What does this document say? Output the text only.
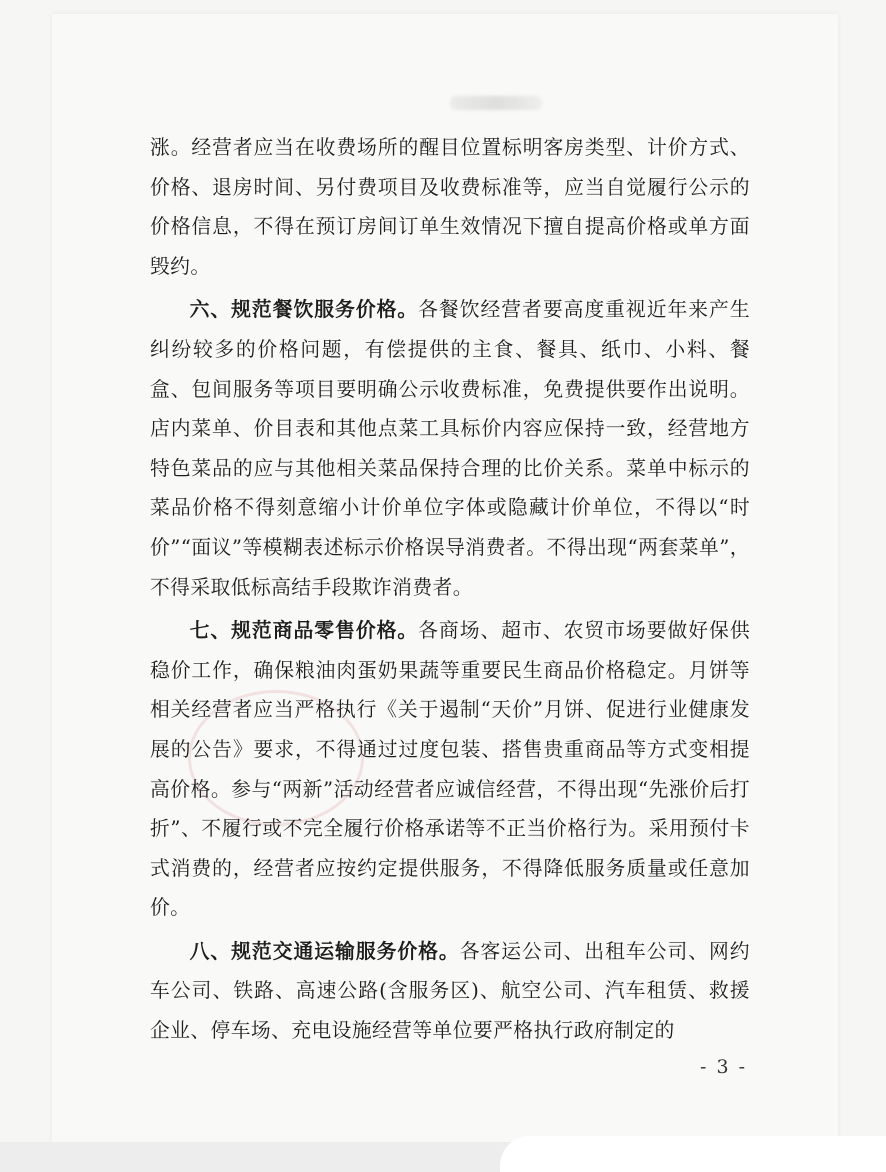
涨。经营者应当在收费场所的醒目位置标明客房类型、计价方式、价格、退房时间、另付费项目及收费标准等，应当自觉履行公示的价格信息，不得在预订房间订单生效情况下擅自提高价格或单方面毁约。

六、规范餐饮服务价格。各餐饮经营者要高度重视近年来产生纠纷较多的价格问题，有偿提供的主食、餐具、纸巾、小料、餐盒、包间服务等项目要明确公示收费标准，免费提供要作出说明。店内菜单、价目表和其他点菜工具标价内容应保持一致，经营地方特色菜品的应与其他相关菜品保持合理的比价关系。菜单中标示的菜品价格不得刻意缩小计价单位字体或隐藏计价单位，不得以“时价”“面议”等模糊表述标示价格误导消费者。不得出现“两套菜单”，不得采取低标高结手段欺诈消费者。

七、规范商品零售价格。各商场、超市、农贸市场要做好保供稳价工作，确保粮油肉蛋奶果蔬等重要民生商品价格稳定。月饼等相关经营者应当严格执行《关于遏制“天价”月饼、促进行业健康发展的公告》要求，不得通过过度包装、搭售贵重商品等方式变相提高价格。参与“两新”活动经营者应诚信经营，不得出现“先涨价后打折”、不履行或不完全履行价格承诺等不正当价格行为。采用预付卡式消费的，经营者应按约定提供服务，不得降低服务质量或任意加价。

八、规范交通运输服务价格。各客运公司、出租车公司、网约车公司、铁路、高速公路(含服务区)、航空公司、汽车租赁、救援企业、停车场、充电设施经营等单位要严格执行政府制定的

- 3 -
